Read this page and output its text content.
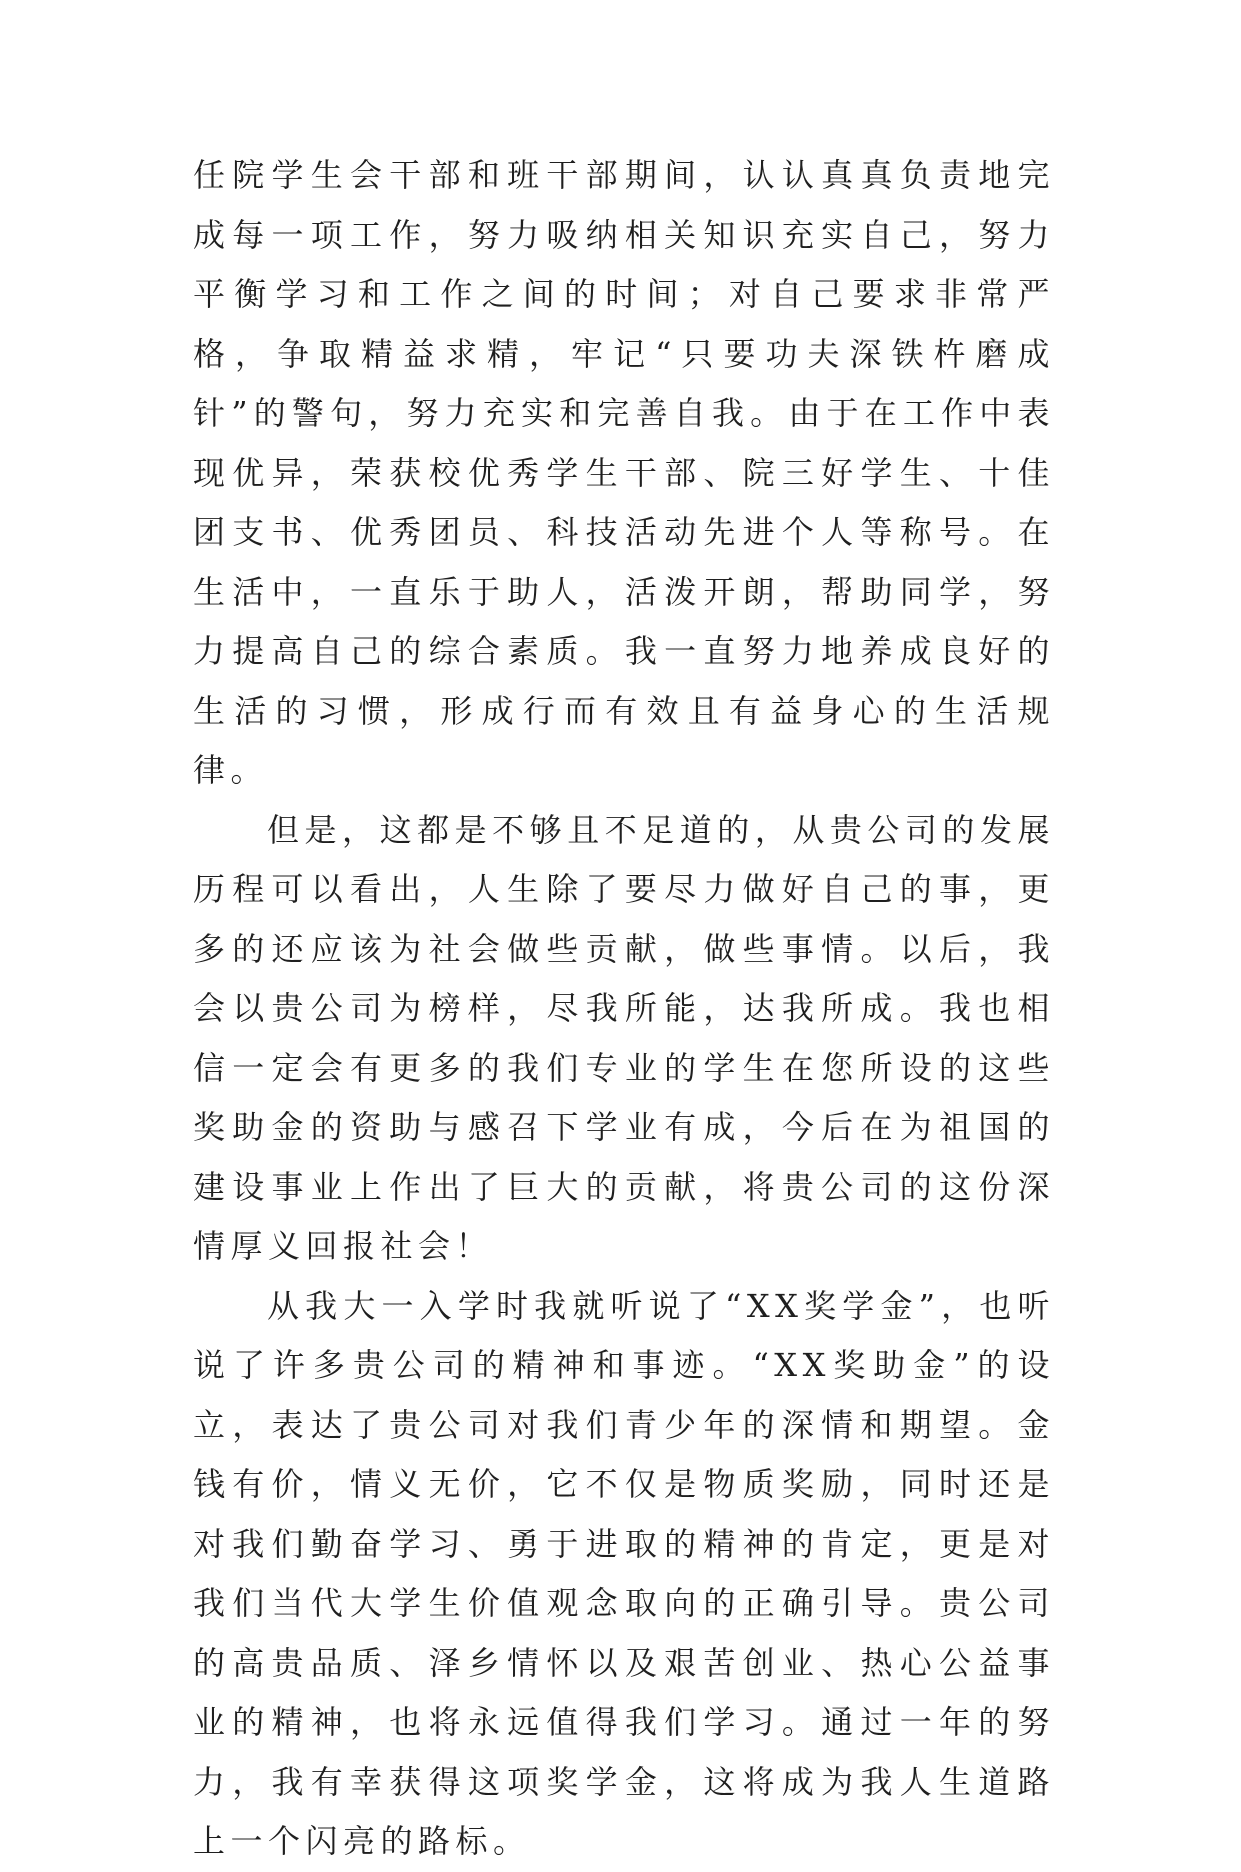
任院学生会干部和班干部期间，认认真真负责地完成每一项工作，努力吸纳相关知识充实自己，努力平衡学习和工作之间的时间；对自己要求非常严格，争取精益求精，牢记“只要功夫深铁杵磨成针”的警句，努力充实和完善自我。由于在工作中表现优异，荣获校优秀学生干部、院三好学生、十佳团支书、优秀团员、科技活动先进个人等称号。在生活中，一直乐于助人，活泼开朗，帮助同学，努力提高自己的综合素质。我一直努力地养成良好的生活的习惯，形成行而有效且有益身心的生活规律。

但是，这都是不够且不足道的，从贵公司的发展历程可以看出，人生除了要尽力做好自己的事，更多的还应该为社会做些贡献，做些事情。以后，我会以贵公司为榜样，尽我所能，达我所成。我也相信一定会有更多的我们专业的学生在您所设的这些奖助金的资助与感召下学业有成，今后在为祖国的建设事业上作出了巨大的贡献，将贵公司的这份深情厚义回报社会！

从我大一入学时我就听说了“XX奖学金”，也听说了许多贵公司的精神和事迹。“XX奖助金”的设立，表达了贵公司对我们青少年的深情和期望。金钱有价，情义无价，它不仅是物质奖励，同时还是对我们勤奋学习、勇于进取的精神的肯定，更是对我们当代大学生价值观念取向的正确引导。贵公司的高贵品质、泽乡情怀以及艰苦创业、热心公益事业的精神，也将永远值得我们学习。通过一年的努力，我有幸获得这项奖学金，这将成为我人生道路上一个闪亮的路标。
